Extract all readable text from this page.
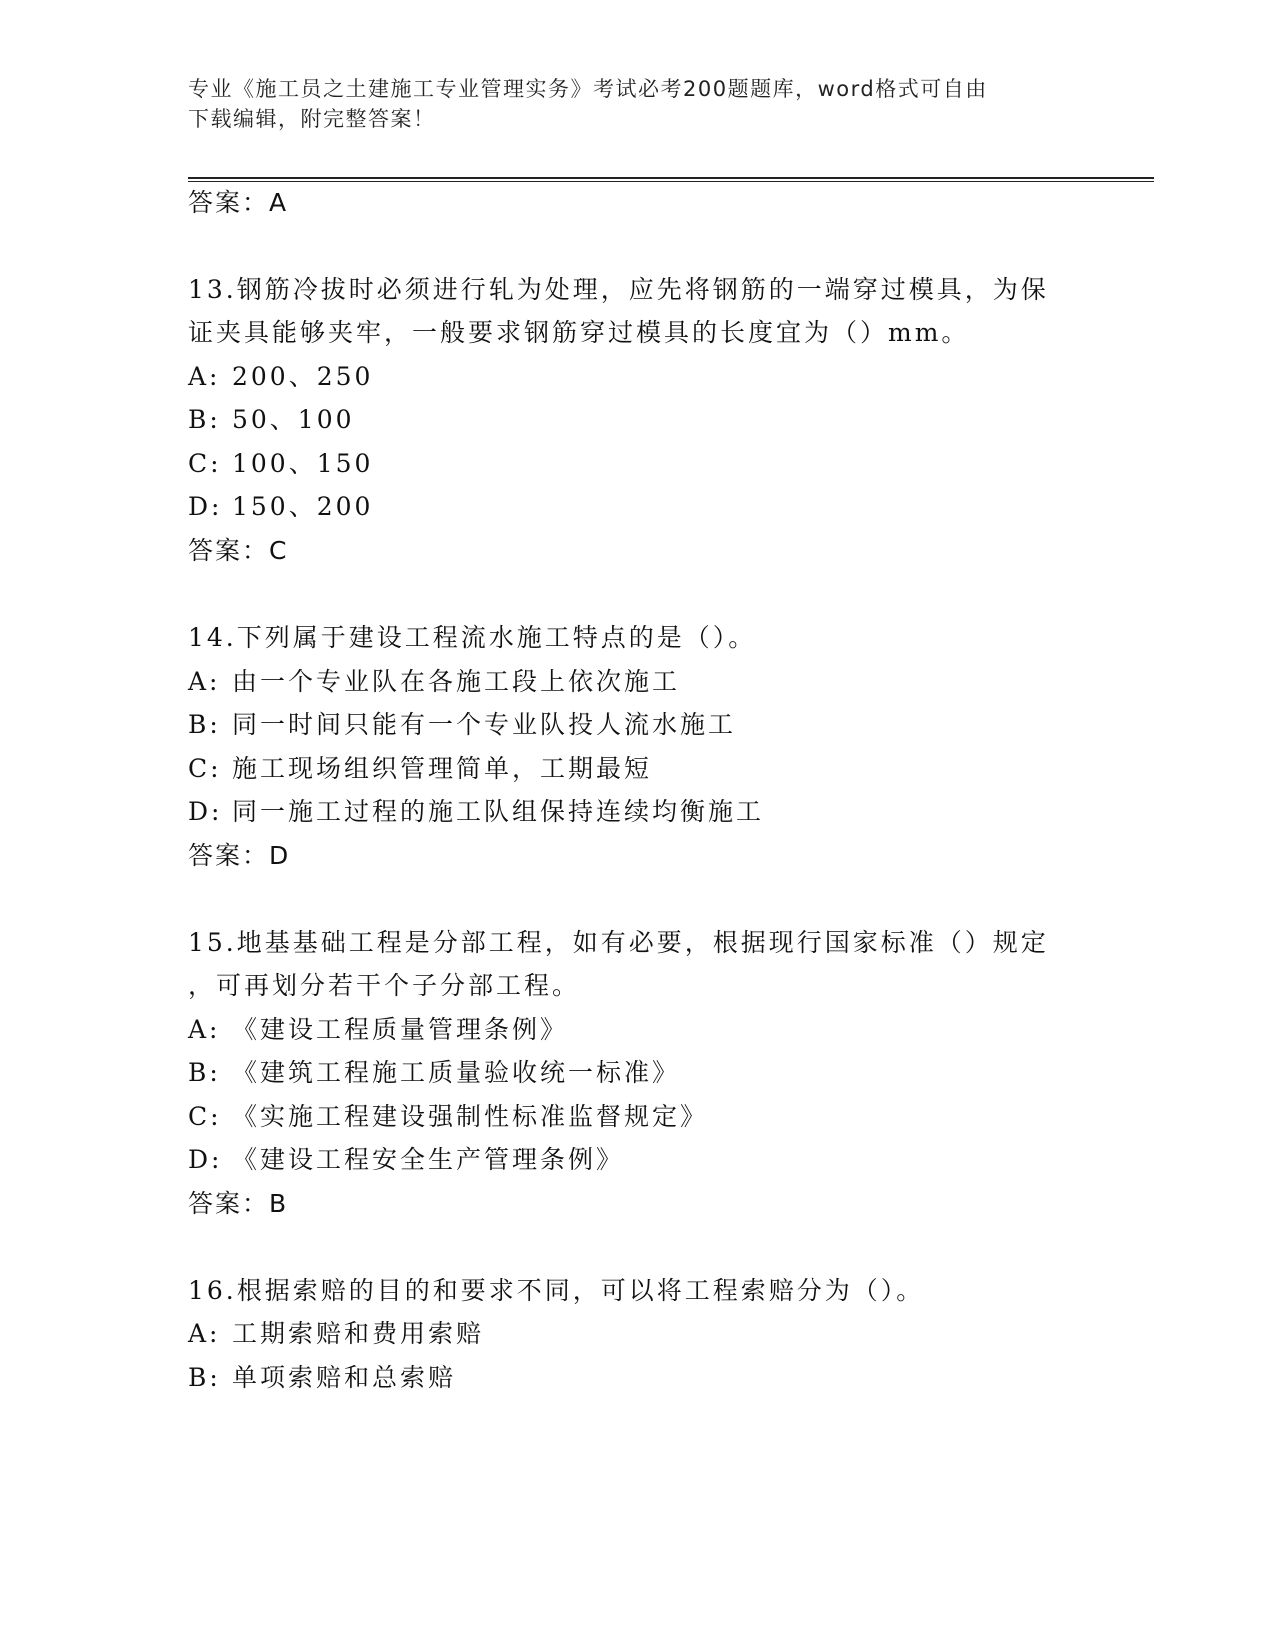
专业《施工员之土建施工专业管理实务》考试必考200题题库，word格式可自由
下载编辑，附完整答案！
答案：A
13.钢筋冷拔时必须进行轧为处理，应先将钢筋的一端穿过模具，为保
证夹具能够夹牢，一般要求钢筋穿过模具的长度宜为（）mm。
A: 200、250
B: 50、100
C: 100、150
D: 150、200
答案：C
14.下列属于建设工程流水施工特点的是（）。
A: 由一个专业队在各施工段上依次施工
B: 同一时间只能有一个专业队投人流水施工
C: 施工现场组织管理简单，工期最短
D: 同一施工过程的施工队组保持连续均衡施工
答案：D
15.地基基础工程是分部工程，如有必要，根据现行国家标准（）规定
，可再划分若干个子分部工程。
A: 《建设工程质量管理条例》
B: 《建筑工程施工质量验收统一标准》
C: 《实施工程建设强制性标准监督规定》
D: 《建设工程安全生产管理条例》
答案：B
16.根据索赔的目的和要求不同，可以将工程索赔分为（）。
A: 工期索赔和费用索赔
B: 单项索赔和总索赔
